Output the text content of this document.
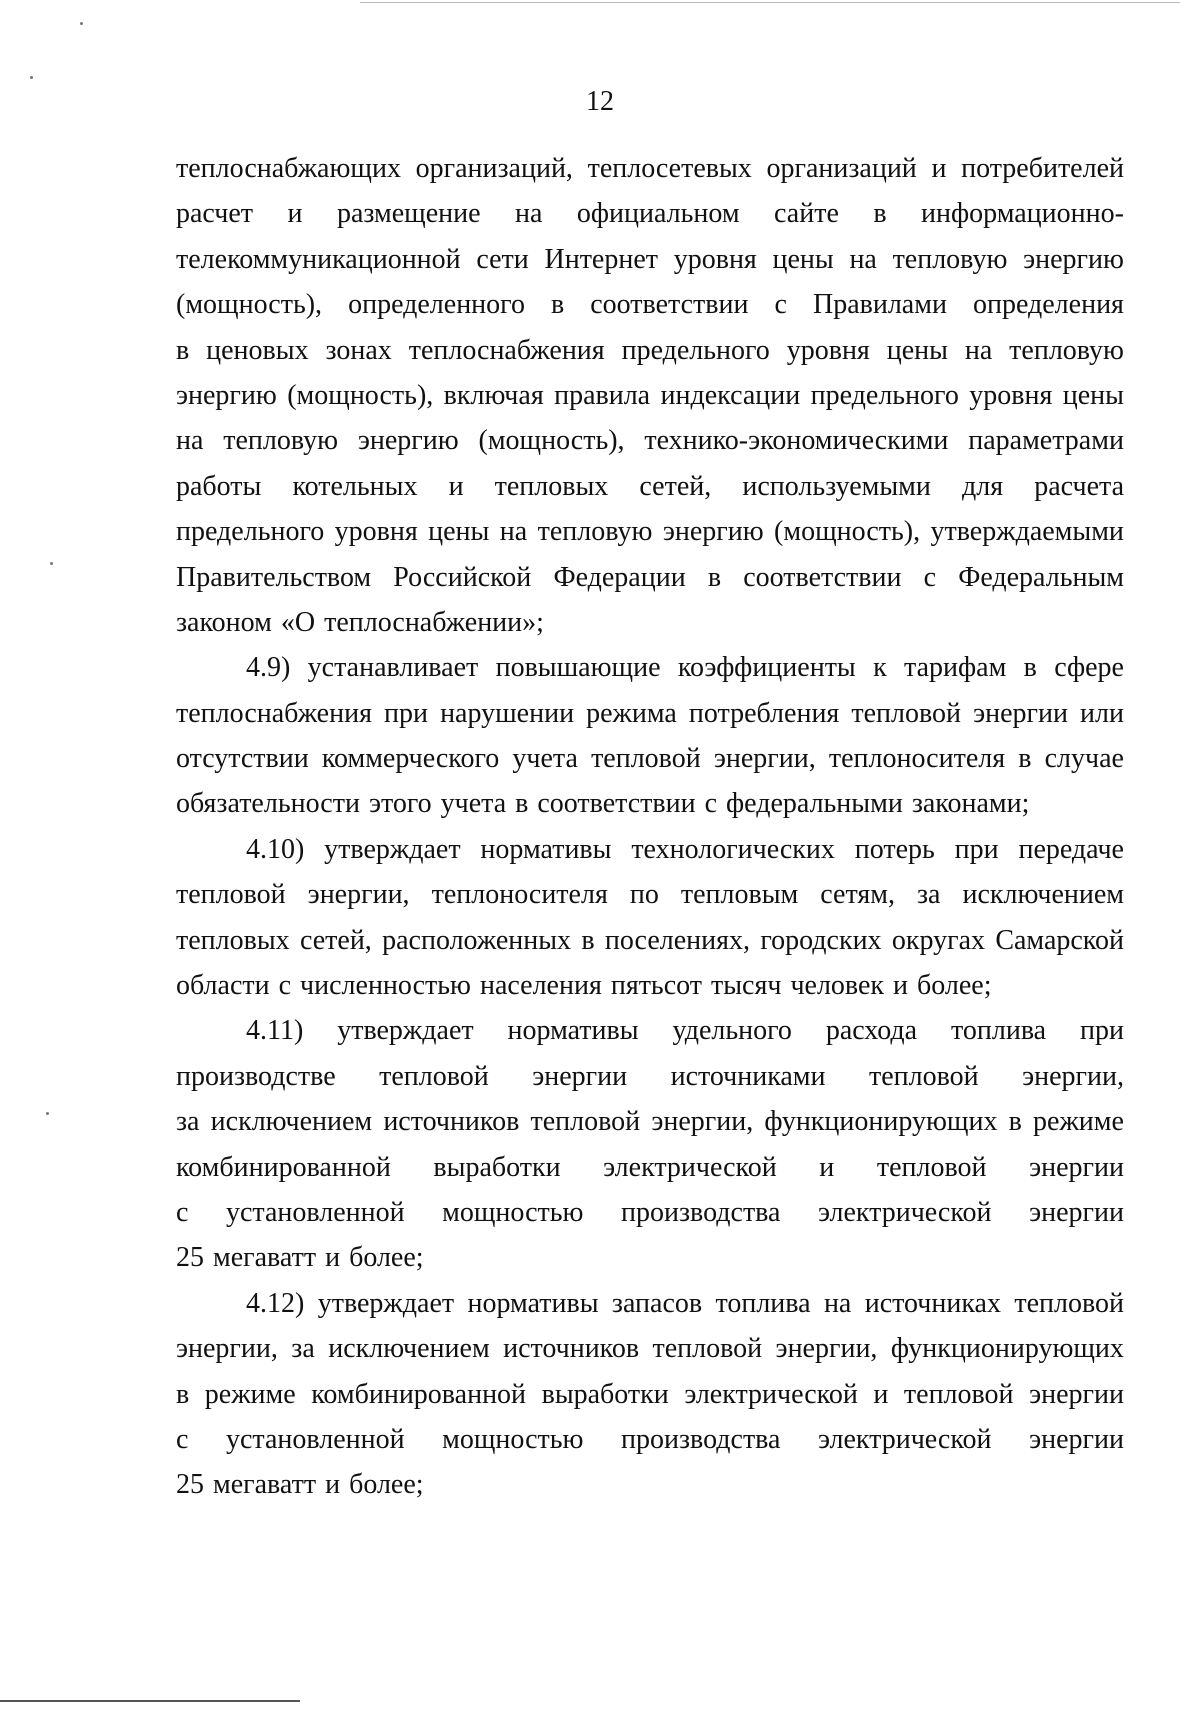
12
теплоснабжающих организаций, теплосетевых организаций и потребителей
расчет и размещение на официальном сайте в информационно-
телекоммуникационной сети Интернет уровня цены на тепловую энергию
(мощность), определенного в соответствии с Правилами определения
в ценовых зонах теплоснабжения предельного уровня цены на тепловую
энергию (мощность), включая правила индексации предельного уровня цены
на тепловую энергию (мощность), технико-экономическими параметрами
работы котельных и тепловых сетей, используемыми для расчета
предельного уровня цены на тепловую энергию (мощность), утверждаемыми
Правительством Российской Федерации в соответствии с Федеральным
законом «О теплоснабжении»;
4.9) устанавливает повышающие коэффициенты к тарифам в сфере
теплоснабжения при нарушении режима потребления тепловой энергии или
отсутствии коммерческого учета тепловой энергии, теплоносителя в случае
обязательности этого учета в соответствии с федеральными законами;
4.10) утверждает нормативы технологических потерь при передаче
тепловой энергии, теплоносителя по тепловым сетям, за исключением
тепловых сетей, расположенных в поселениях, городских округах Самарской
области с численностью населения пятьсот тысяч человек и более;
4.11) утверждает нормативы удельного расхода топлива при
производстве тепловой энергии источниками тепловой энергии,
за исключением источников тепловой энергии, функционирующих в режиме
комбинированной выработки электрической и тепловой энергии
с установленной мощностью производства электрической энергии
25 мегаватт и более;
4.12) утверждает нормативы запасов топлива на источниках тепловой
энергии, за исключением источников тепловой энергии, функционирующих
в режиме комбинированной выработки электрической и тепловой энергии
с установленной мощностью производства электрической энергии
25 мегаватт и более;
